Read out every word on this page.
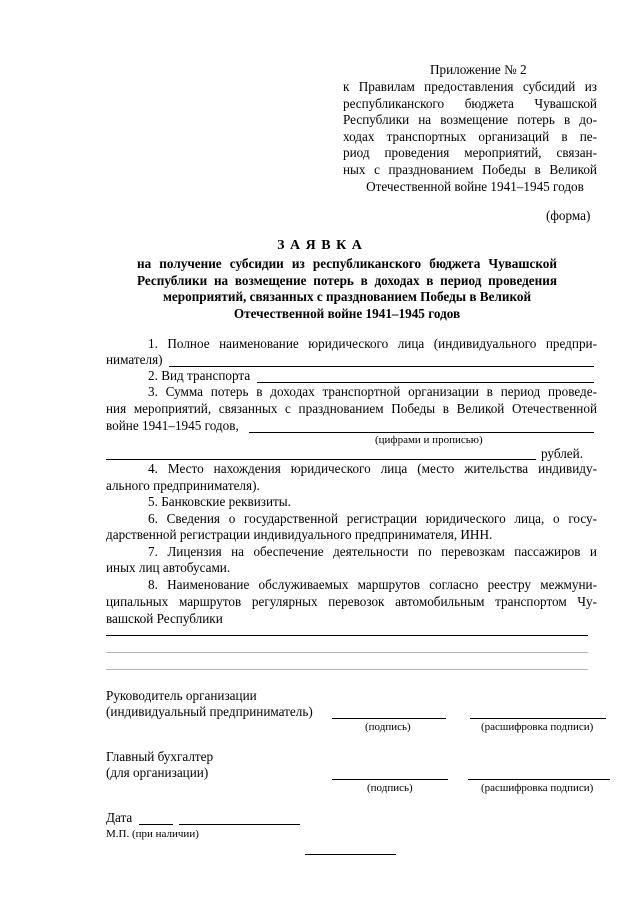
Приложение № 2
к Правилам предоставления субсидий из
республиканского бюджета Чувашской
Республики на возмещение потерь в до-
ходах транспортных организаций в пе-
риод проведения мероприятий, связан-
ных с празднованием Победы в Великой
Отечественной войне 1941–1945 годов
(форма)
З А Я В К А
на получение субсидии из республиканского бюджета Чувашской
Республики на возмещение потерь в доходах в период проведения
мероприятий, связанных с празднованием Победы в Великой
Отечественной войне 1941–1945 годов
1. Полное наименование юридического лица (индивидуального предпри-
нимателя)
2. Вид транспорта
3. Сумма потерь в доходах транспортной организации в период проведе-
ния мероприятий, связанных с празднованием Победы в Великой Отечественной
войне 1941–1945 годов,
(цифрами и прописью)
рублей.
4. Место нахождения юридического лица (место жительства индивиду-
ального предпринимателя).
5. Банковские реквизиты.
6. Сведения о государственной регистрации юридического лица, о госу-
дарственной регистрации индивидуального предпринимателя, ИНН.
7. Лицензия на обеспечение деятельности по перевозкам пассажиров и
иных лиц автобусами.
8. Наименование обслуживаемых маршрутов согласно реестру межмуни-
ципальных маршрутов регулярных перевозок автомобильным транспортом Чу-
вашской Республики
Руководитель организации
(индивидуальный предприниматель)
(подпись)	(расшифровка подписи)
Главный бухгалтер
(для организации)
(подпись)	(расшифровка подписи)
Дата
М.П. (при наличии)
